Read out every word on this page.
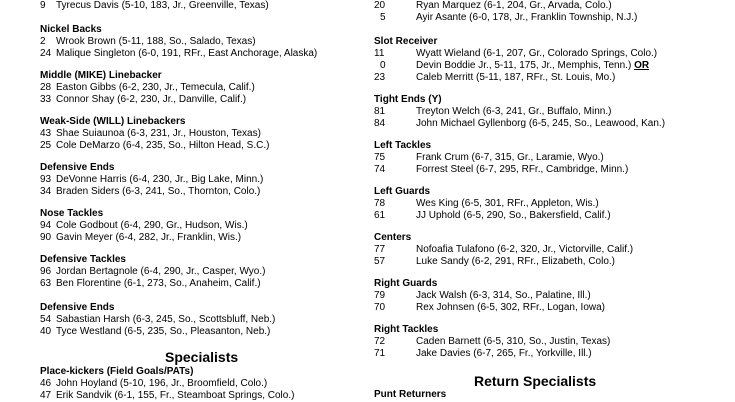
9 Tyrecus Davis (5-10, 183, Jr., Greenville, Texas)
Nickel Backs
2 Wrook Brown (5-11, 188, So., Salado, Texas)
24 Malique Singleton (6-0, 191, RFr., East Anchorage, Alaska)
Middle (MIKE) Linebacker
28 Easton Gibbs (6-2, 230, Jr., Temecula, Calif.)
33 Connor Shay (6-2, 230, Jr., Danville, Calif.)
Weak-Side (WILL) Linebackers
43 Shae Suiaunoa (6-3, 231, Jr., Houston, Texas)
25 Cole DeMarzo (6-4, 235, So., Hilton Head, S.C.)
Defensive Ends
93 DeVonne Harris (6-4, 230, Jr., Big Lake, Minn.)
34 Braden Siders (6-3, 241, So., Thornton, Colo.)
Nose Tackles
94 Cole Godbout (6-4, 290, Gr., Hudson, Wis.)
90 Gavin Meyer (6-4, 282, Jr., Franklin, Wis.)
Defensive Tackles
96 Jordan Bertagnole (6-4, 290, Jr., Casper, Wyo.)
63 Ben Florentine (6-1, 273, So., Anaheim, Calif.)
Defensive Ends
54 Sabastian Harsh (6-3, 245, So., Scottsbluff, Neb.)
40 Tyce Westland (6-5, 235, So., Pleasanton, Neb.)
Specialists
Place-kickers (Field Goals/PATs)
46 John Hoyland (5-10, 196, Jr., Broomfield, Colo.)
47 Erik Sandvik (6-1, 155, Fr., Steamboat Springs, Colo.)
20	Ryan Marquez (6-1, 204, Gr., Arvada, Colo.)
5	Ayir Asante (6-0, 178, Jr., Franklin Township, N.J.)
Slot Receiver
11	Wyatt Wieland (6-1, 207, Gr., Colorado Springs, Colo.)
0	Devin Boddie Jr., 5-11, 175, Jr., Memphis, Tenn.) OR
23	Caleb Merritt (5-11, 187, RFr., St. Louis, Mo.)
Tight Ends (Y)
81	Treyton Welch (6-3, 241, Gr., Buffalo, Minn.)
84	John Michael Gyllenborg (6-5, 245, So., Leawood, Kan.)
Left Tackles
75	Frank Crum (6-7, 315, Gr., Laramie, Wyo.)
74	Forrest Steel (6-7, 295, RFr., Cambridge, Minn.)
Left Guards
78	Wes King (6-5, 301, RFr., Appleton, Wis.)
61	JJ Uphold (6-5, 290, So., Bakersfield, Calif.)
Centers
77	Nofoafia Tulafono (6-2, 320, Jr., Victorville, Calif.)
57	Luke Sandy (6-2, 291, RFr., Elizabeth, Colo.)
Right Guards
79	Jack Walsh (6-3, 314, So., Palatine, Ill.)
70	Rex Johnsen (6-5, 302, RFr., Logan, Iowa)
Right Tackles
72	Caden Barnett (6-5, 310, So., Justin, Texas)
71	Jake Davies (6-7, 265, Fr., Yorkville, Ill.)
Return Specialists
Punt Returners
